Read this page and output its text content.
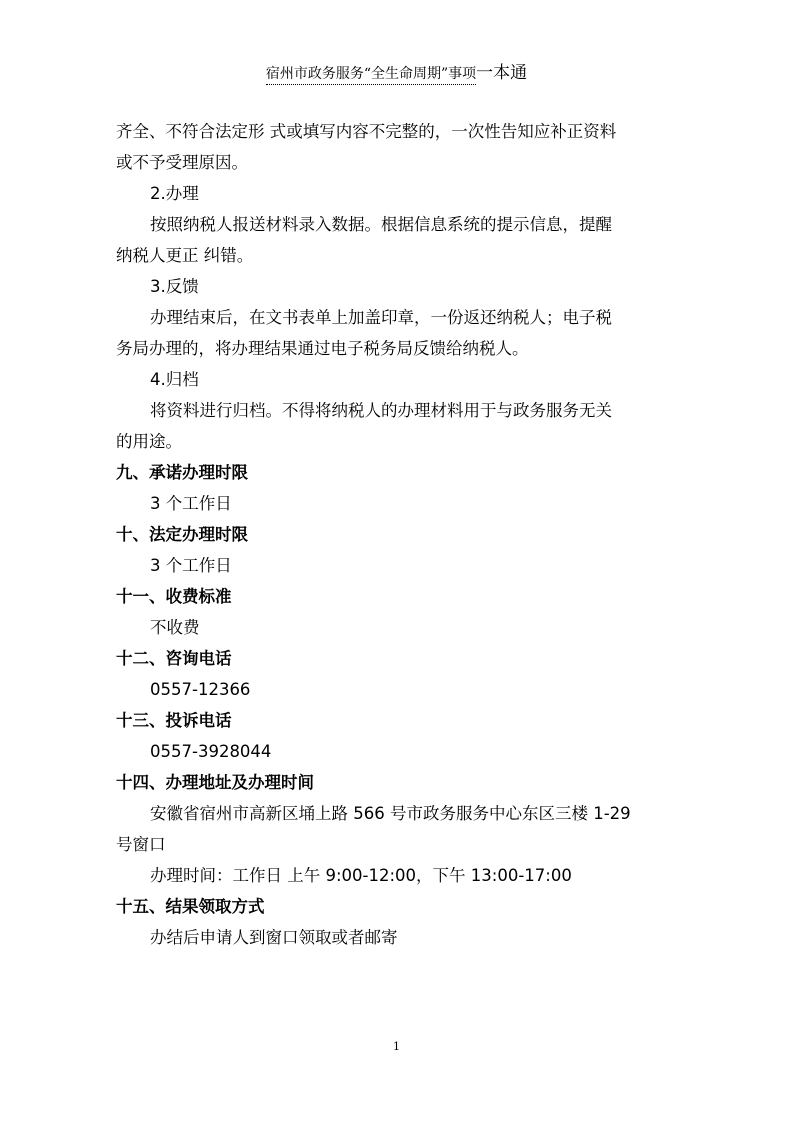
宿州市政务服务“全生命周期”事项一本通
齐全、不符合法定形 式或填写内容不完整的，一次性告知应补正资料
或不予受理原因。
2.办理
按照纳税人报送材料录入数据。根据信息系统的提示信息，提醒
纳税人更正 纠错。
3.反馈
办理结束后，在文书表单上加盖印章，一份返还纳税人；电子税
务局办理的，将办理结果通过电子税务局反馈给纳税人。
4.归档
将资料进行归档。不得将纳税人的办理材料用于与政务服务无关
的用途。
九、承诺办理时限
3 个工作日
十、法定办理时限
3 个工作日
十一、收费标准
不收费
十二、咨询电话
0557-12366
十三、投诉电话
0557-3928044
十四、办理地址及办理时间
安徽省宿州市高新区埇上路 566 号市政务服务中心东区三楼 1-29
号窗口
办理时间：工作日 上午 9:00-12:00，下午 13:00-17:00
十五、结果领取方式
办结后申请人到窗口领取或者邮寄
1
